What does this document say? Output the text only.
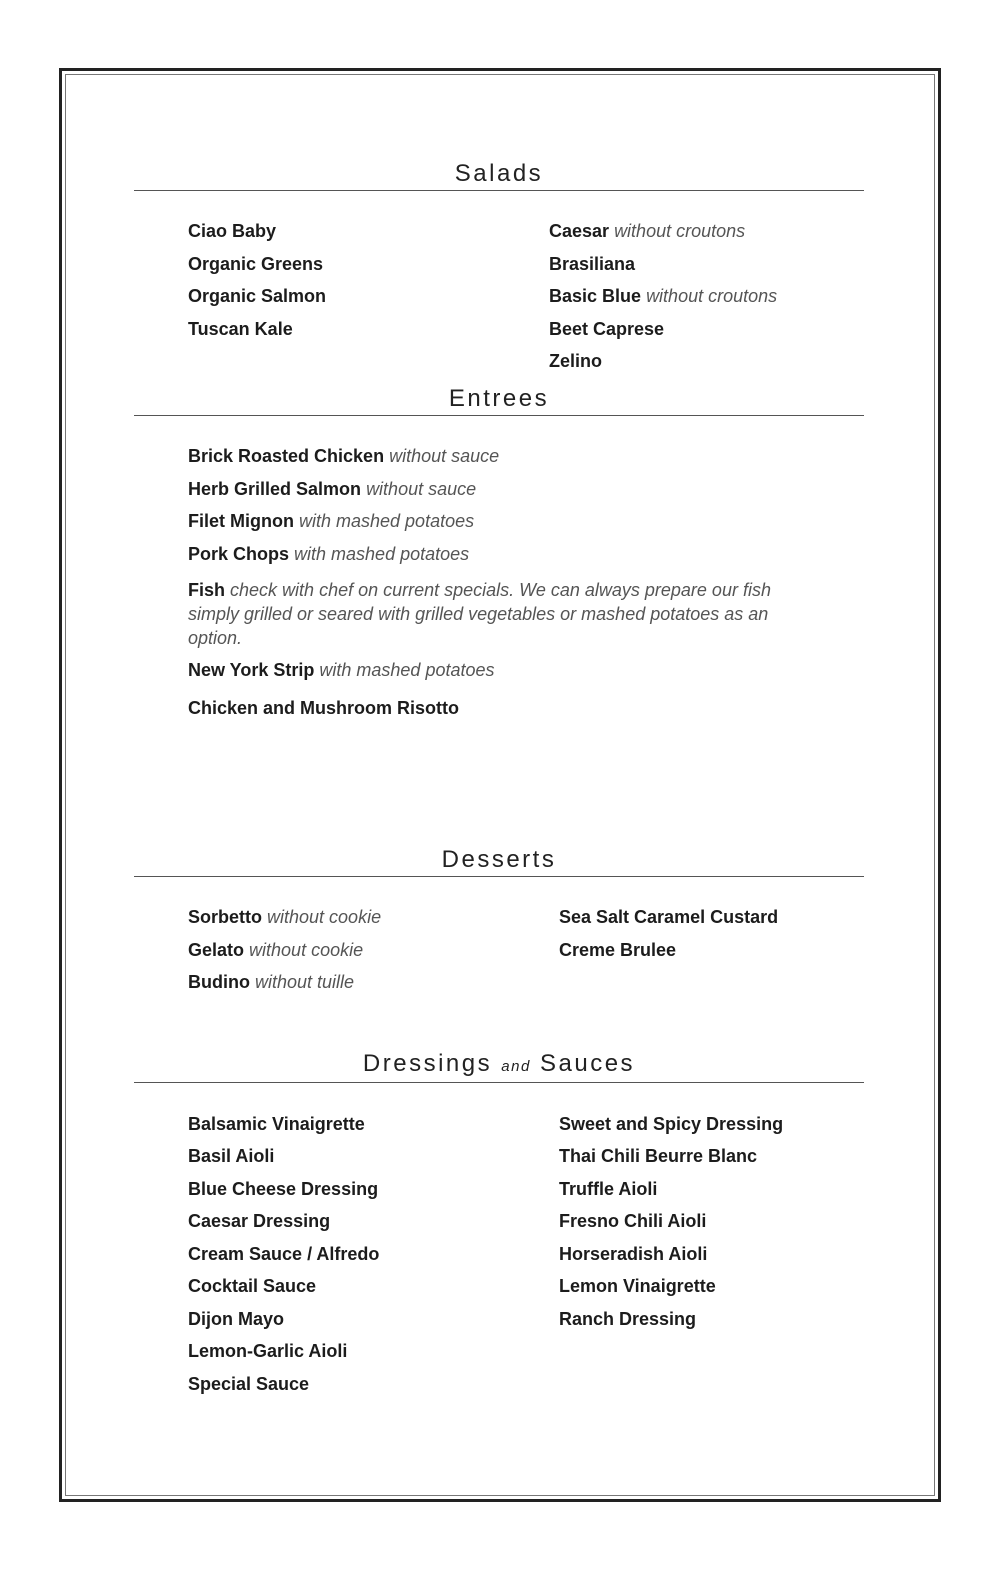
Salads
Ciao Baby
Organic Greens
Organic Salmon
Tuscan Kale
Caesar without croutons
Brasiliana
Basic Blue without croutons
Beet Caprese
Zelino
Entrees
Brick Roasted Chicken without sauce
Herb Grilled Salmon without sauce
Filet Mignon with mashed potatoes
Pork Chops with mashed potatoes
Fish check with chef on current specials. We can always prepare our fish simply grilled or seared with grilled vegetables or mashed potatoes as an option.
New York Strip with mashed potatoes
Chicken and Mushroom Risotto
Desserts
Sorbetto without cookie
Gelato without cookie
Budino without tuille
Sea Salt Caramel Custard
Creme Brulee
Dressings and Sauces
Balsamic Vinaigrette
Basil Aioli
Blue Cheese Dressing
Caesar Dressing
Cream Sauce / Alfredo
Cocktail Sauce
Dijon Mayo
Lemon-Garlic Aioli
Special Sauce
Sweet and Spicy Dressing
Thai Chili Beurre Blanc
Truffle Aioli
Fresno Chili Aioli
Horseradish Aioli
Lemon Vinaigrette
Ranch Dressing
